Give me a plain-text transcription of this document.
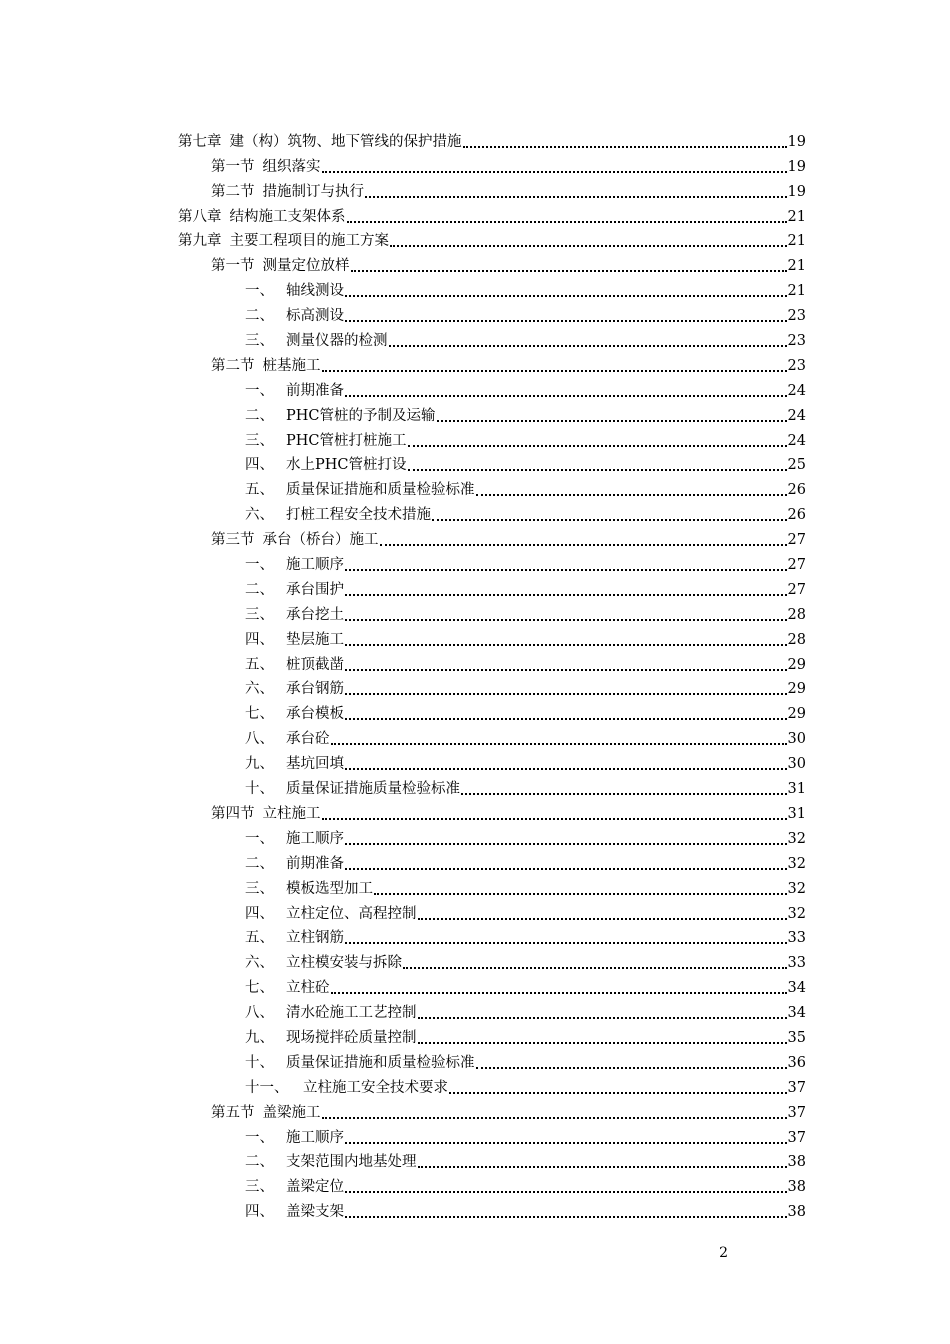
第七章 建（构）筑物、地下管线的保护措施	19
第一节 组织落实	19
第二节 措施制订与执行	19
第八章 结构施工支架体系	21
第九章 主要工程项目的施工方案	21
第一节 测量定位放样	21
一、 轴线测设	21
二、 标高测设	23
三、 测量仪器的检测	23
第二节 桩基施工	23
一、 前期准备	24
二、 PHC管桩的予制及运输	24
三、 PHC管桩打桩施工	24
四、 水上PHC管桩打设	25
五、 质量保证措施和质量检验标准	26
六、 打桩工程安全技术措施	26
第三节 承台（桥台）施工	27
一、 施工顺序	27
二、 承台围护	27
三、 承台挖土	28
四、 垫层施工	28
五、 桩顶截凿	29
六、 承台钢筋	29
七、 承台模板	29
八、 承台砼	30
九、 基坑回填	30
十、 质量保证措施质量检验标准	31
第四节 立柱施工	31
一、 施工顺序	32
二、 前期准备	32
三、 模板选型加工	32
四、 立柱定位、高程控制	32
五、 立柱钢筋	33
六、 立柱模安装与拆除	33
七、 立柱砼	34
八、 清水砼施工工艺控制	34
九、 现场搅拌砼质量控制	35
十、 质量保证措施和质量检验标准	36
十一、	立柱施工安全技术要求	37
第五节 盖梁施工	37
一、 施工顺序	37
二、 支架范围内地基处理	38
三、 盖梁定位	38
四、 盖梁支架	38
2
